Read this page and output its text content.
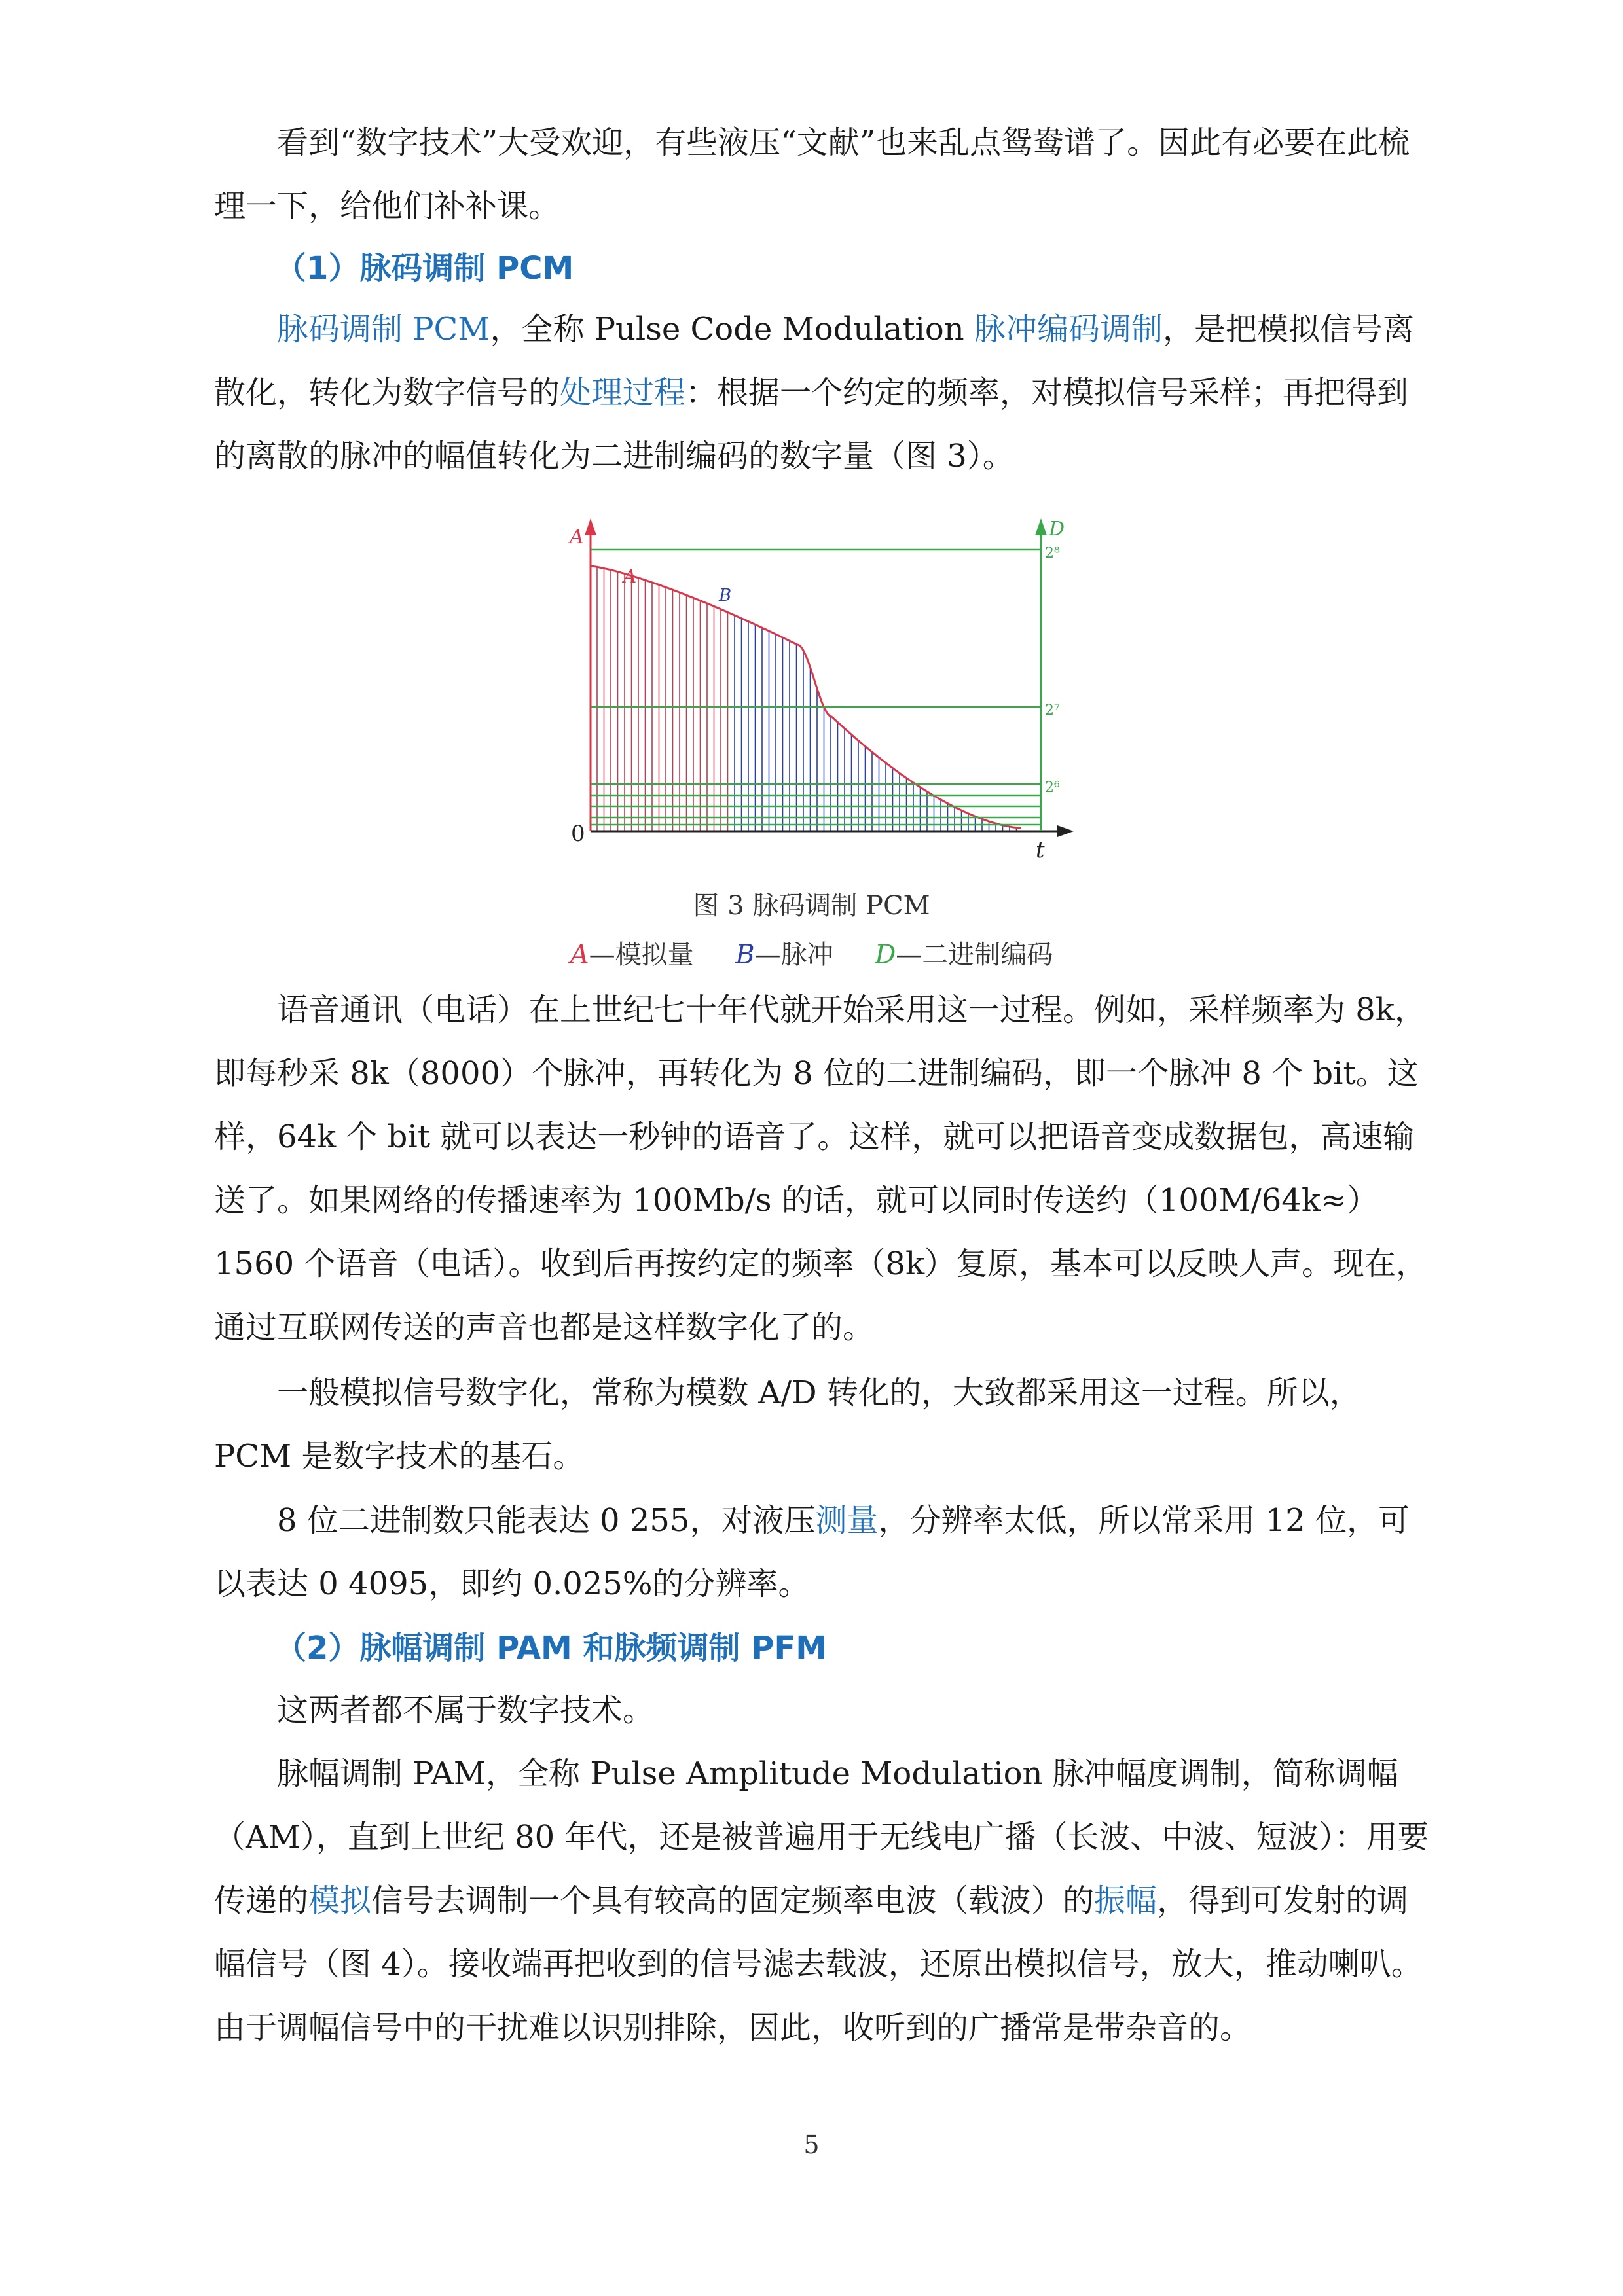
看到“数字技术”大受欢迎，有些液压“文献”也来乱点鸳鸯谱了。因此有必要在此梳理一下，给他们补补课。

（1）脉码调制 PCM

脉码调制 PCM，全称 Pulse Code Modulation 脉冲编码调制，是把模拟信号离散化，转化为数字信号的处理过程：根据一个约定的频率，对模拟信号采样；再把得到的离散的脉冲的幅值转化为二进制编码的数字量（图 3）。

A	D
A
B
0
t
2⁸
2⁷
2⁶
图 3 脉码调制 PCM
A—模拟量 B—脉冲 D—二进制编码

语音通讯（电话）在上世纪七十年代就开始采用这一过程。例如，采样频率为 8k，即每秒采 8k（8000）个脉冲，再转化为 8 位的二进制编码，即一个脉冲 8 个 bit。这样，64k 个 bit 就可以表达一秒钟的语音了。这样，就可以把语音变成数据包，高速输送了。如果网络的传播速率为 100Mb/s 的话，就可以同时传送约（100M/64k≈）1560 个语音（电话）。收到后再按约定的频率（8k）复原，基本可以反映人声。现在，通过互联网传送的声音也都是这样数字化了的。

一般模拟信号数字化，常称为模数 A/D 转化的，大致都采用这一过程。所以，PCM 是数字技术的基石。

8 位二进制数只能表达 0 255，对液压测量，分辨率太低，所以常采用 12 位，可以表达 0 4095，即约 0.025%的分辨率。

（2）脉幅调制 PAM 和脉频调制 PFM

这两者都不属于数字技术。

脉幅调制 PAM，全称 Pulse Amplitude Modulation 脉冲幅度调制，简称调幅（AM），直到上世纪 80 年代，还是被普遍用于无线电广播（长波、中波、短波）：用要传递的模拟信号去调制一个具有较高的固定频率电波（载波）的振幅，得到可发射的调幅信号（图 4）。接收端再把收到的信号滤去载波，还原出模拟信号，放大，推动喇叭。由于调幅信号中的干扰难以识别排除，因此，收听到的广播常是带杂音的。

5
